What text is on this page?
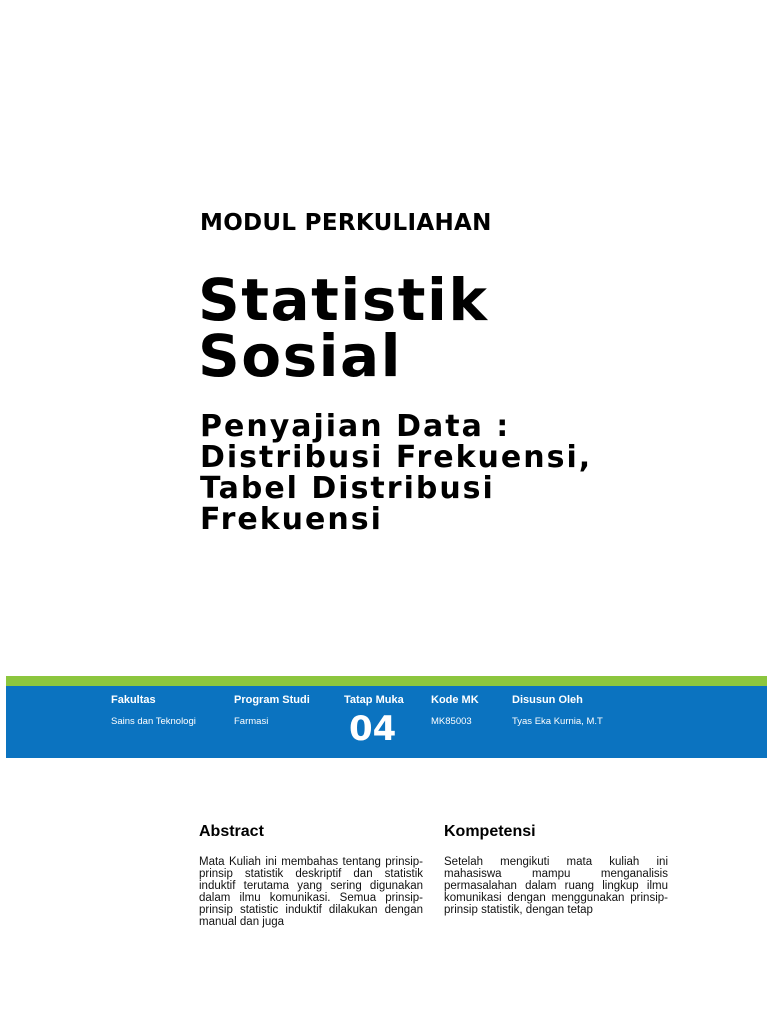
MODUL PERKULIAHAN
Statistik
Sosial
Penyajian Data :
Distribusi Frekuensi,
Tabel Distribusi
Frekuensi
Fakultas
Sains dan Teknologi
Program Studi
Farmasi
Tatap Muka
04
Kode MK
MK85003
Disusun Oleh
Tyas Eka Kurnia, M.T
Abstract
Mata Kuliah ini membahas tentang prinsip-prinsip statistik deskriptif dan statistik induktif terutama yang sering digunakan dalam ilmu komunikasi. Semua prinsip-prinsip statistic induktif dilakukan dengan manual dan juga
Kompetensi
Setelah mengikuti mata kuliah ini mahasiswa mampu menganalisis permasalahan dalam ruang lingkup ilmu komunikasi dengan menggunakan prinsip-prinsip statistik, dengan tetap
